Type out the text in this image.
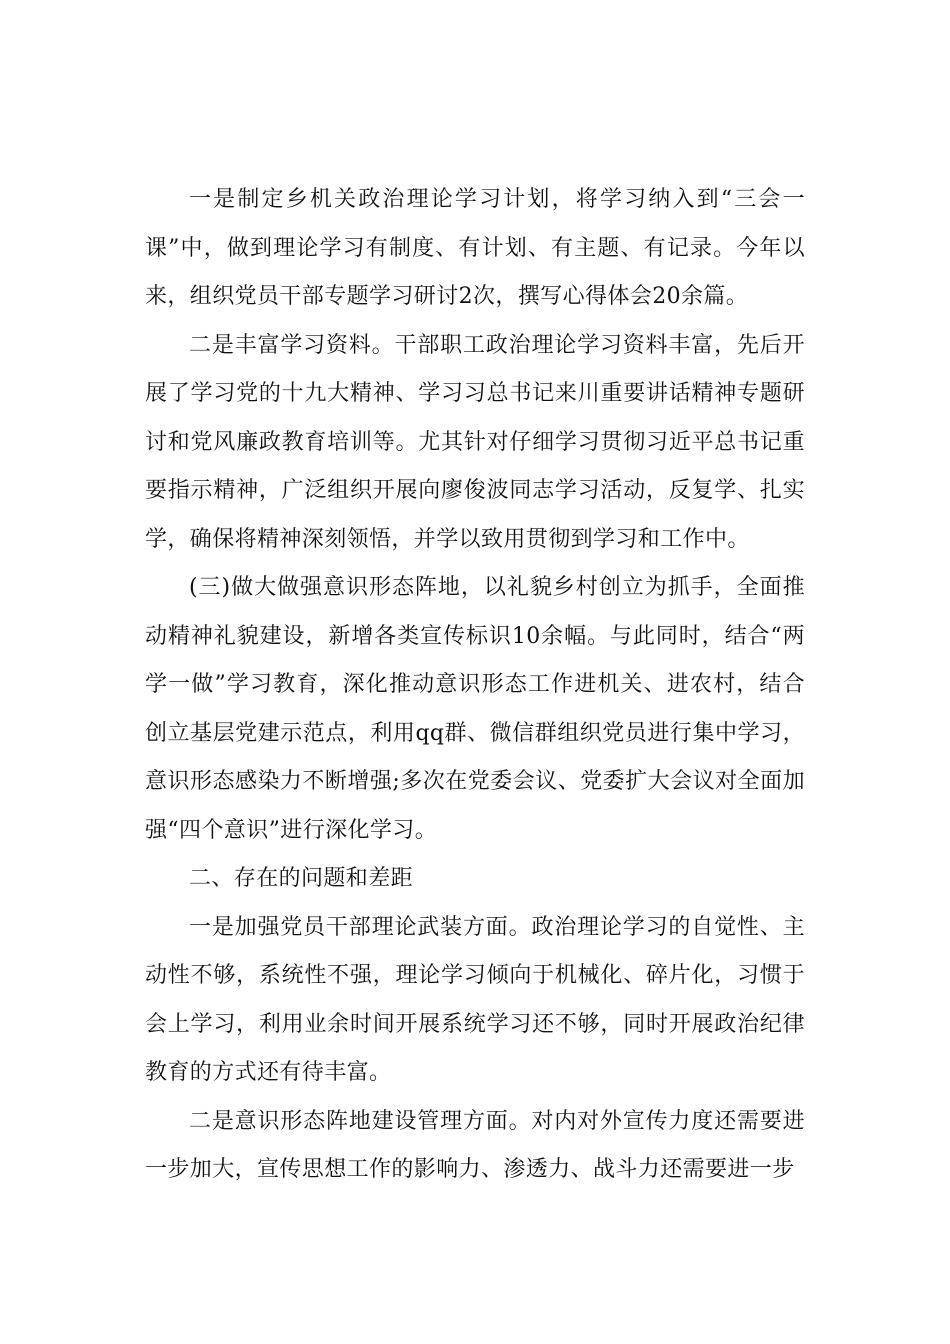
一是制定乡机关政治理论学习计划，将学习纳入到“三会一课”中，做到理论学习有制度、有计划、有主题、有记录。今年以来，组织党员干部专题学习研讨2次，撰写心得体会20余篇。

二是丰富学习资料。干部职工政治理论学习资料丰富，先后开展了学习党的十九大精神、学习习总书记来川重要讲话精神专题研讨和党风廉政教育培训等。尤其针对仔细学习贯彻习近平总书记重要指示精神，广泛组织开展向廖俊波同志学习活动，反复学、扎实学，确保将精神深刻领悟，并学以致用贯彻到学习和工作中。

(三)做大做强意识形态阵地，以礼貌乡村创立为抓手，全面推动精神礼貌建设，新增各类宣传标识10余幅。与此同时，结合“两学一做”学习教育，深化推动意识形态工作进机关、进农村，结合创立基层党建示范点，利用qq群、微信群组织党员进行集中学习，意识形态感染力不断增强;多次在党委会议、党委扩大会议对全面加强“四个意识”进行深化学习。

二、存在的问题和差距

一是加强党员干部理论武装方面。政治理论学习的自觉性、主动性不够，系统性不强，理论学习倾向于机械化、碎片化，习惯于会上学习，利用业余时间开展系统学习还不够，同时开展政治纪律教育的方式还有待丰富。

二是意识形态阵地建设管理方面。对内对外宣传力度还需要进一步加大，宣传思想工作的影响力、渗透力、战斗力还需要进一步
